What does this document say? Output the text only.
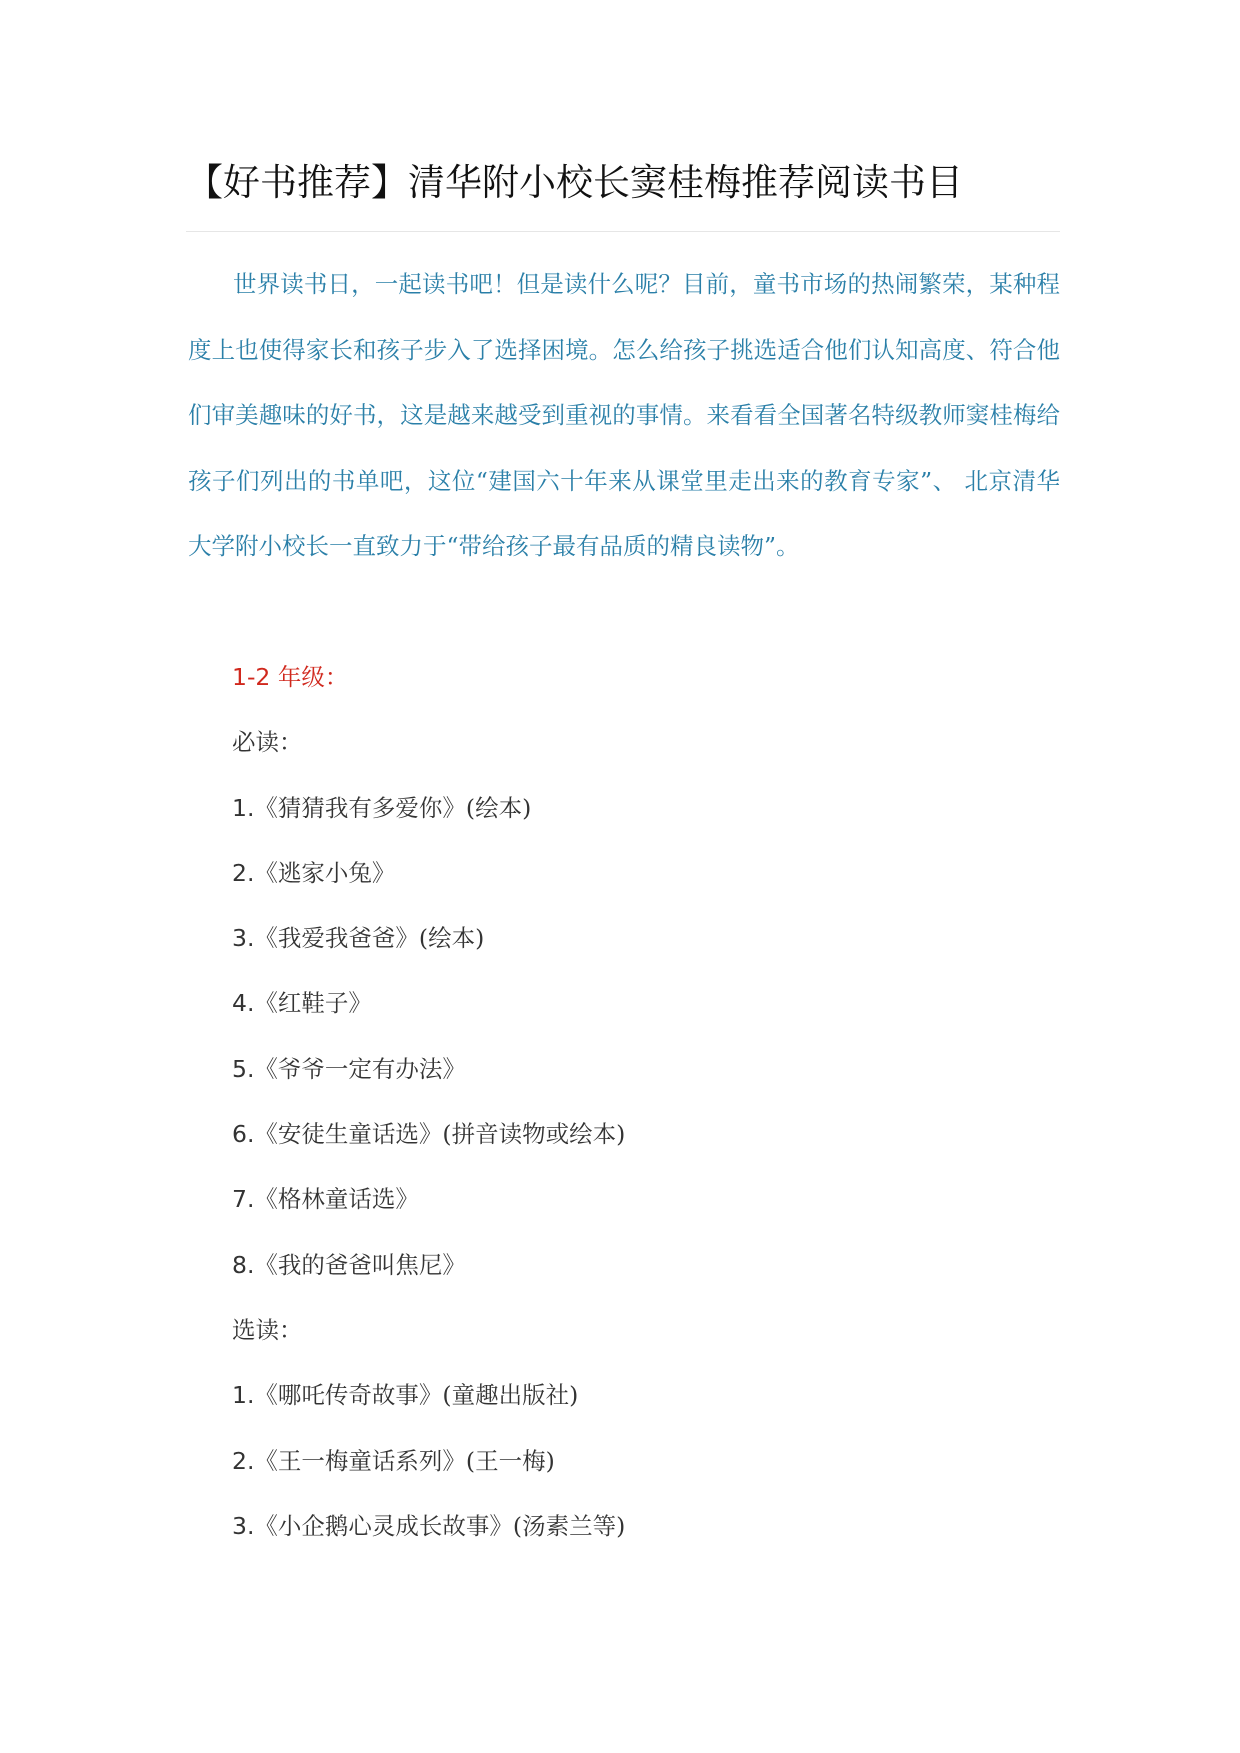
【好书推荐】清华附小校长窦桂梅推荐阅读书目

世界读书日，一起读书吧！但是读什么呢？目前，童书市场的热闹繁荣，某种程度上也使得家长和孩子步入了选择困境。怎么给孩子挑选适合他们认知高度、符合他们审美趣味的好书，这是越来越受到重视的事情。来看看全国著名特级教师窦桂梅给孩子们列出的书单吧，这位“建国六十年来从课堂里走出来的教育专家”、 北京清华大学附小校长一直致力于“带给孩子最有品质的精良读物”。

1-2 年级：
必读：
1.《猜猜我有多爱你》(绘本)
2.《逃家小兔》
3.《我爱我爸爸》(绘本)
4.《红鞋子》
5.《爷爷一定有办法》
6.《安徒生童话选》(拼音读物或绘本)
7.《格林童话选》
8.《我的爸爸叫焦尼》
选读：
1.《哪吒传奇故事》(童趣出版社)
2.《王一梅童话系列》(王一梅)
3.《小企鹅心灵成长故事》(汤素兰等)
